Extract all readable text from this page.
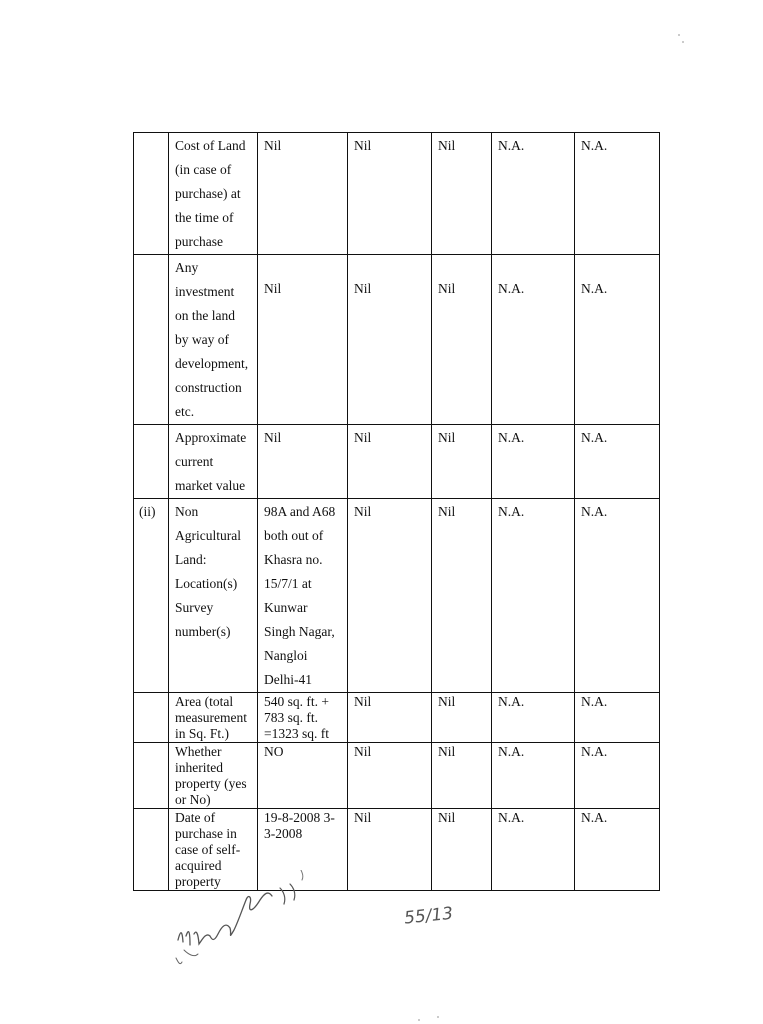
	Cost of Land (in case of purchase) at the time of purchase	Nil	Nil	Nil	N.A.	N.A.
	Any investment on the land by way of development, construction etc.	Nil	Nil	Nil	N.A.	N.A.
	Approximate current market value	Nil	Nil	Nil	N.A.	N.A.
(ii)	Non Agricultural Land: Location(s) Survey number(s)	98A and A68 both out of Khasra no. 15/7/1 at Kunwar Singh Nagar, Nangloi Delhi-41	Nil	Nil	N.A.	N.A.
	Area (total measurement in Sq. Ft.)	540 sq. ft. + 783 sq. ft. =1323 sq. ft	Nil	Nil	N.A.	N.A.
	Whether inherited property (yes or No)	NO	Nil	Nil	N.A.	N.A.
	Date of purchase in case of self-acquired property	19-8-2008 3-3-2008	Nil	Nil	N.A.	N.A.
55/13
